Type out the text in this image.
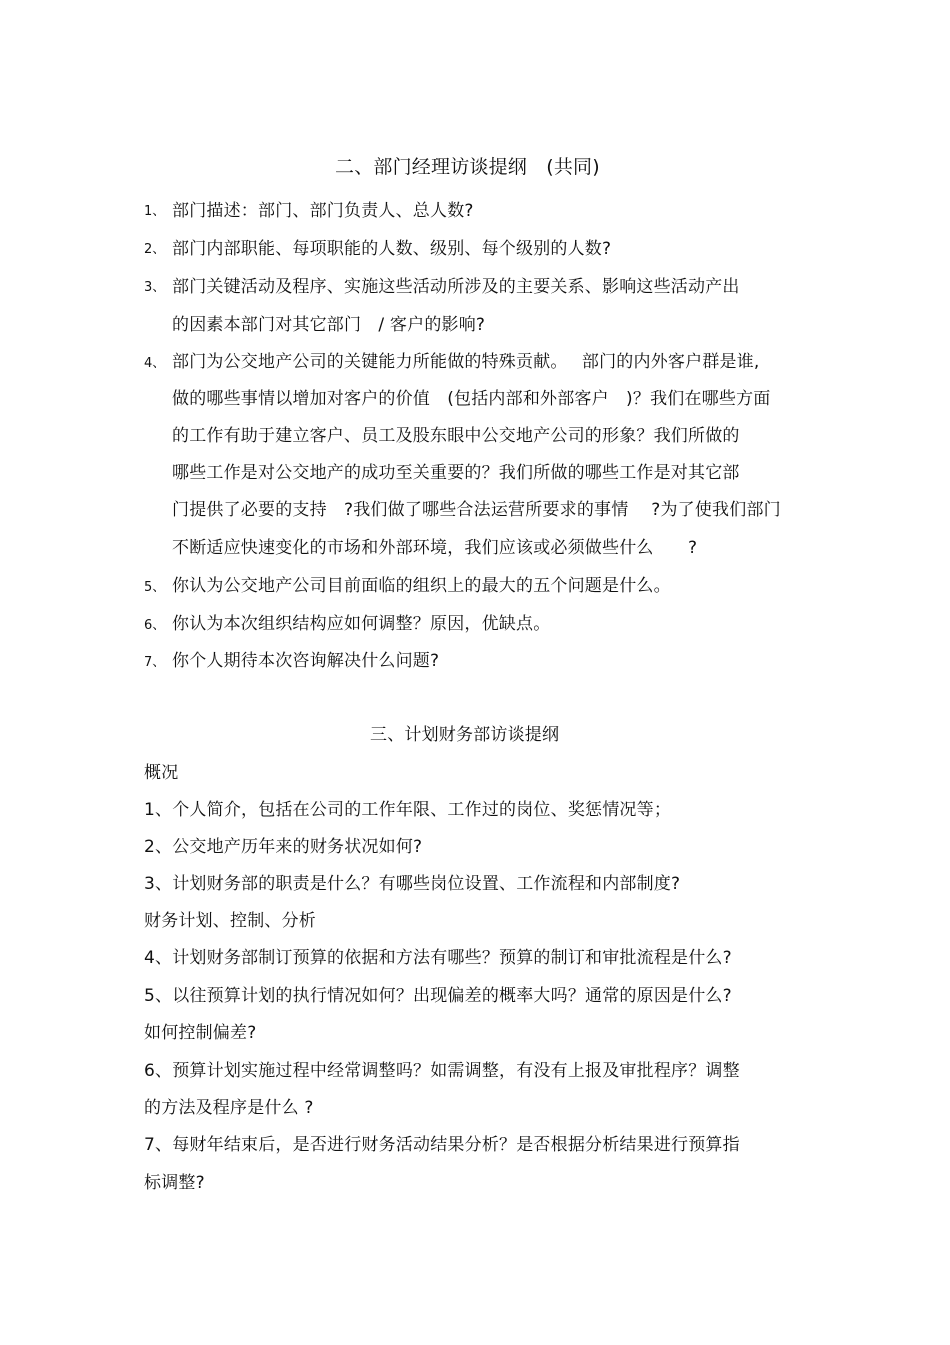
二、部门经理访谈提纲　(共同)
1、 部门描述：部门、部门负责人、总人数?
2、 部门内部职能、每项职能的人数、级别、每个级别的人数?
3、 部门关键活动及程序、实施这些活动所涉及的主要关系、影响这些活动产出
的因素本部门对其它部门　/ 客户的影响?
4、 部门为公交地产公司的关键能力所能做的特殊贡献。　 部门的内外客户群是谁,
做的哪些事情以增加对客户的价值　(包括内部和外部客户　)？我们在哪些方面
的工作有助于建立客户、员工及股东眼中公交地产公司的形象？我们所做的
哪些工作是对公交地产的成功至关重要的？我们所做的哪些工作是对其它部
门提供了必要的支持　?我们做了哪些合法运营所要求的事情　 ?为了使我们部门
不断适应快速变化的市场和外部环境，我们应该或必须做些什么　　?
5、 你认为公交地产公司目前面临的组织上的最大的五个问题是什么。
6、 你认为本次组织结构应如何调整？原因，优缺点。
7、 你个人期待本次咨询解决什么问题?
三、计划财务部访谈提纲
概况
1、个人简介，包括在公司的工作年限、工作过的岗位、奖惩情况等；
2、公交地产历年来的财务状况如何?
3、计划财务部的职责是什么？有哪些岗位设置、工作流程和内部制度?
财务计划、控制、分析
4、计划财务部制订预算的依据和方法有哪些？预算的制订和审批流程是什么?
5、以往预算计划的执行情况如何？出现偏差的概率大吗？通常的原因是什么?
如何控制偏差?
6、预算计划实施过程中经常调整吗？如需调整，有没有上报及审批程序？调整
的方法及程序是什么 ?
7、每财年结束后，是否进行财务活动结果分析？是否根据分析结果进行预算指
标调整?
